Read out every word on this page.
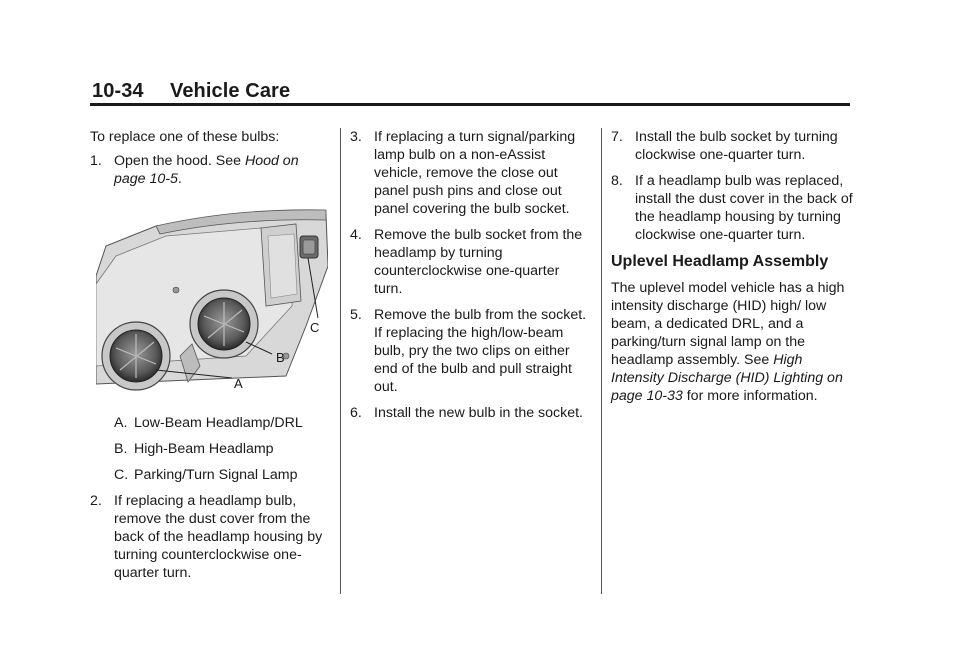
10-34 Vehicle Care

To replace one of these bulbs:

1. Open the hood. See Hood on page 10-5.
C
B
A
A. Low-Beam Headlamp/DRL
B. High-Beam Headlamp
C. Parking/Turn Signal Lamp
2. If replacing a headlamp bulb, remove the dust cover from the back of the headlamp housing by turning counterclockwise one-quarter turn.
3. If replacing a turn signal/parking lamp bulb on a non-eAssist vehicle, remove the close out panel push pins and close out panel covering the bulb socket.
4. Remove the bulb socket from the headlamp by turning counterclockwise one-quarter turn.
5. Remove the bulb from the socket. If replacing the high/low-beam bulb, pry the two clips on either end of the bulb and pull straight out.
6. Install the new bulb in the socket.
7. Install the bulb socket by turning clockwise one-quarter turn.
8. If a headlamp bulb was replaced, install the dust cover in the back of the headlamp housing by turning clockwise one-quarter turn.
Uplevel Headlamp Assembly

The uplevel model vehicle has a high intensity discharge (HID) high/ low beam, a dedicated DRL, and a parking/turn signal lamp on the headlamp assembly. See High Intensity Discharge (HID) Lighting on page 10-33 for more information.
